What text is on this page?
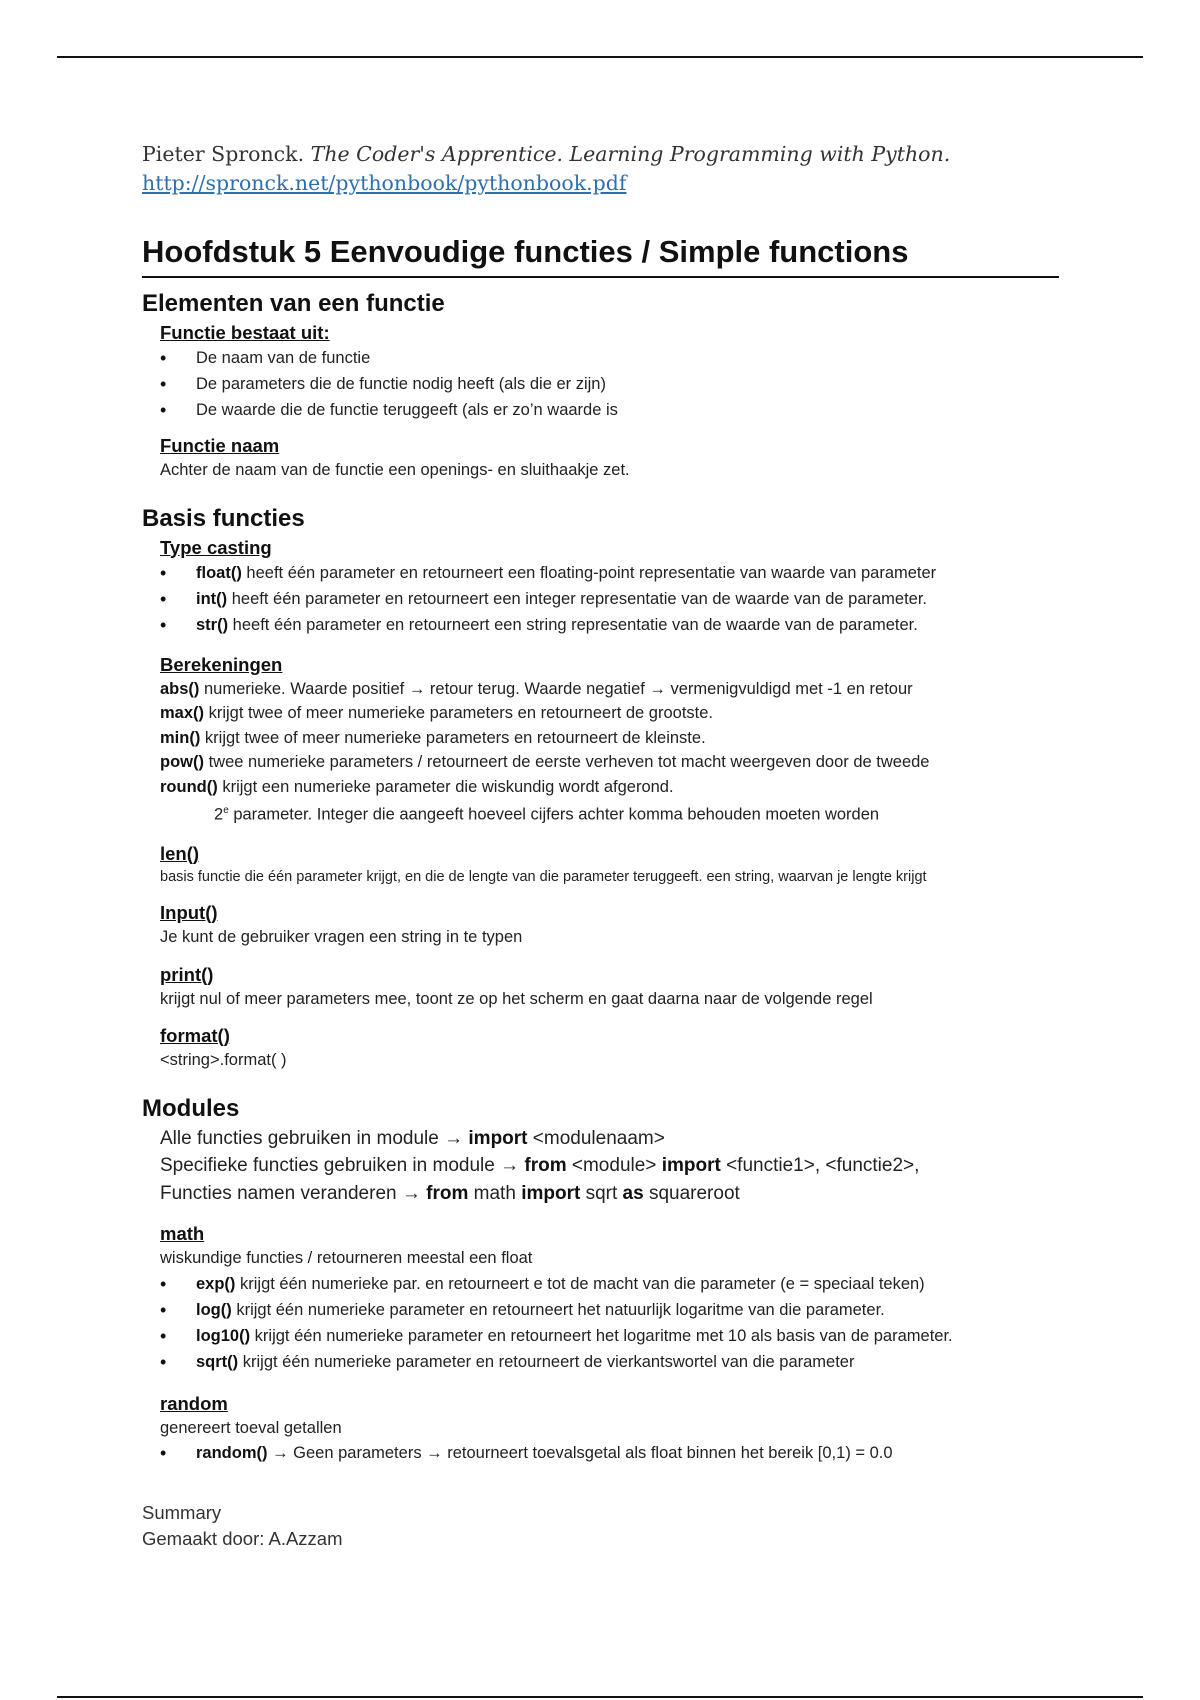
Pieter Spronck. The Coder's Apprentice. Learning Programming with Python. http://spronck.net/pythonbook/pythonbook.pdf

Hoofdstuk 5 Eenvoudige functies / Simple functions
Elementen van een functie
Functie bestaat uit:
• De naam van de functie
• De parameters die de functie nodig heeft (als die er zijn)
• De waarde die de functie teruggeeft (als er zo’n waarde is
Functie naam

Achter de naam van de functie een openings- en sluithaakje zet.

Basis functies
Type casting
• float() heeft één parameter en retourneert een floating-point representatie van waarde van parameter
• int() heeft één parameter en retourneert een integer representatie van de waarde van de parameter.
• str() heeft één parameter en retourneert een string representatie van de waarde van de parameter.
Berekeningen

abs() numerieke. Waarde positief → retour terug. Waarde negatief → vermenigvuldigd met -1 en retour

max() krijgt twee of meer numerieke parameters en retourneert de grootste.

min() krijgt twee of meer numerieke parameters en retourneert de kleinste.

pow() twee numerieke parameters / retourneert de eerste verheven tot macht weergeven door de tweede

round() krijgt een numerieke parameter die wiskundig wordt afgerond.

2e parameter. Integer die aangeeft hoeveel cijfers achter komma behouden moeten worden

len()

basis functie die één parameter krijgt, en die de lengte van die parameter teruggeeft. een string, waarvan je lengte krijgt

Input()

Je kunt de gebruiker vragen een string in te typen

print()

krijgt nul of meer parameters mee, toont ze op het scherm en gaat daarna naar de volgende regel

format()

<string>.format( )

Modules

Alle functies gebruiken in module → import <modulenaam>

Specifieke functies gebruiken in module → from <module> import <functie1>, <functie2>,

Functies namen veranderen → from math import sqrt as squareroot

math

wiskundige functies / retourneren meestal een float

• exp() krijgt één numerieke par. en retourneert e tot de macht van die parameter (e = speciaal teken)
• log() krijgt één numerieke parameter en retourneert het natuurlijk logaritme van die parameter.
• log10() krijgt één numerieke parameter en retourneert het logaritme met 10 als basis van de parameter.
• sqrt() krijgt één numerieke parameter en retourneert de vierkantswortel van die parameter
random

genereert toeval getallen

• random() → Geen parameters → retourneert toevalsgetal als float binnen het bereik [0,1) = 0.0

Summary

Gemaakt door: A.Azzam
